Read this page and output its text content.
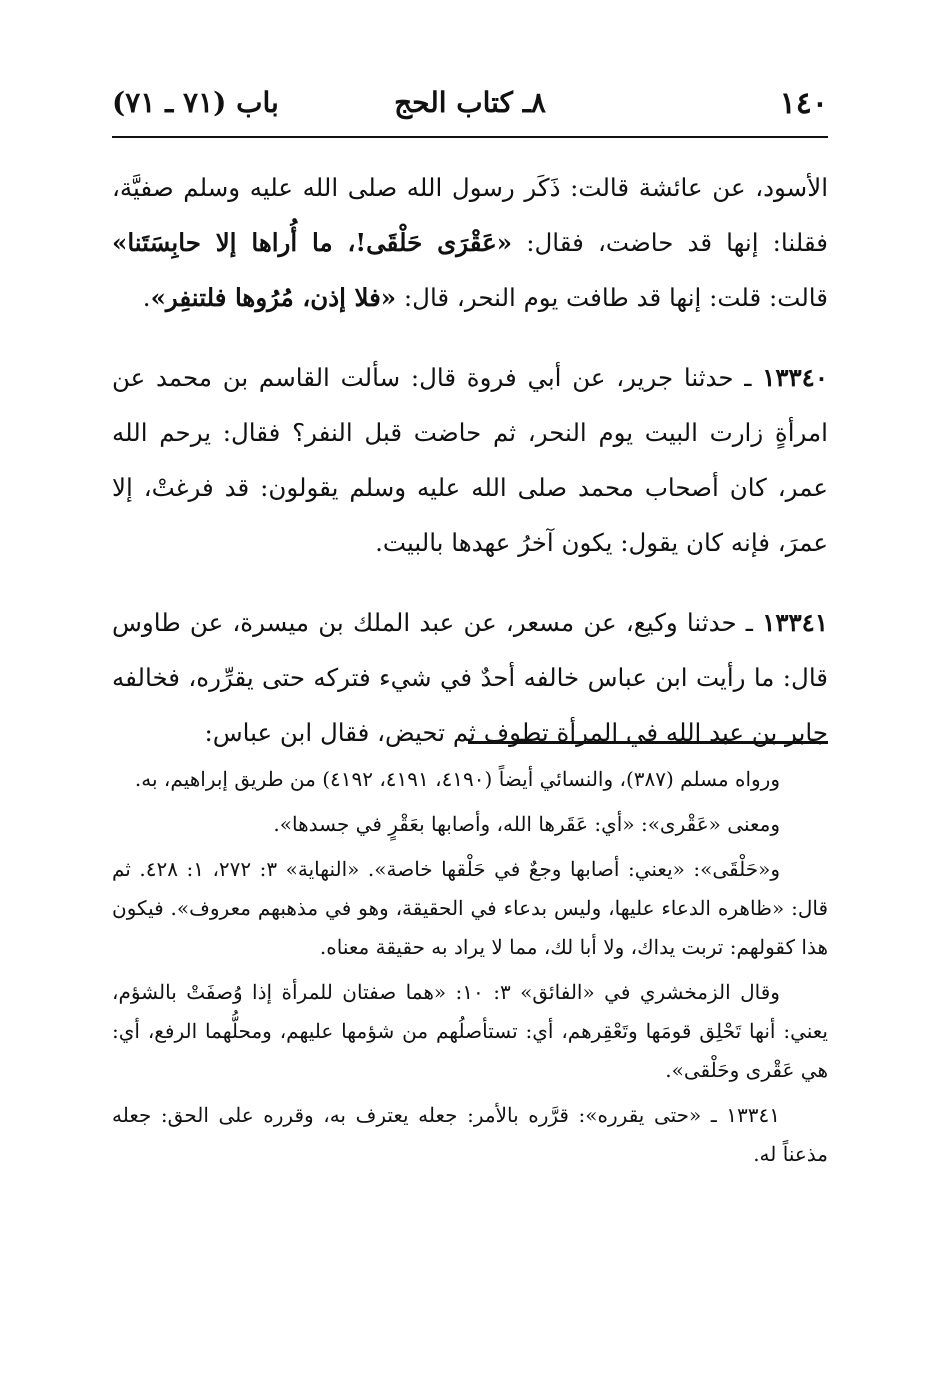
١٤٠
٨ـ كتاب الحج
باب (٧١ ـ ٧١)

الأسود، عن عائشة قالت: ذَكَر رسول الله صلى الله عليه وسلم صفيَّة، فقلنا: إنها قد حاضت، فقال: «عَقْرَى حَلْقَى!، ما أُراها إلا حابِسَتَنا» قالت: قلت: إنها قد طافت يوم النحر، قال: «فلا إذن، مُرُوها فلتنفِر».

١٣٣٤٠ ـ حدثنا جرير، عن أبي فروة قال: سألت القاسم بن محمد عن امرأةٍ زارت البيت يوم النحر، ثم حاضت قبل النفر؟ فقال: يرحم الله عمر، كان أصحاب محمد صلى الله عليه وسلم يقولون: قد فرغتْ، إلا عمرَ، فإنه كان يقول: يكون آخرُ عهدها بالبيت.

١٣٣٤١ ـ حدثنا وكيع، عن مسعر، عن عبد الملك بن ميسرة، عن طاوس قال: ما رأيت ابن عباس خالفه أحدٌ في شيء فتركه حتى يقرِّره، فخالفه جابر بن عبد الله في المرأة تطوف ثم تحيض، فقال ابن عباس:

ورواه مسلم (٣٨٧)، والنسائي أيضاً (٤١٩٠، ٤١٩١، ٤١٩٢) من طريق إبراهيم، به.

ومعنى «عَقْرى»: «أي: عَقَرها الله، وأصابها بعَقْرٍ في جسدها».

و«حَلْقَى»: «يعني: أصابها وجعٌ في حَلْقها خاصة». «النهاية» ٣: ٢٧٢، ١: ٤٢٨. ثم قال: «ظاهره الدعاء عليها، وليس بدعاء في الحقيقة، وهو في مذهبهم معروف». فيكون هذا كقولهم: تربت يداك، ولا أبا لك، مما لا يراد به حقيقة معناه.

وقال الزمخشري في «الفائق» ٣: ١٠: «هما صفتان للمرأة إذا وُصفَتْ بالشؤم، يعني: أنها تَحْلِق قومَها وتَعْقِرهم، أي: تستأصلُهم من شؤمها عليهم، ومحلُّهما الرفع، أي: هي عَقْرى وحَلْقى».

١٣٣٤١ ـ «حتى يقرره»: قرَّره بالأمر: جعله يعترف به، وقرره على الحق: جعله مذعناً له.
